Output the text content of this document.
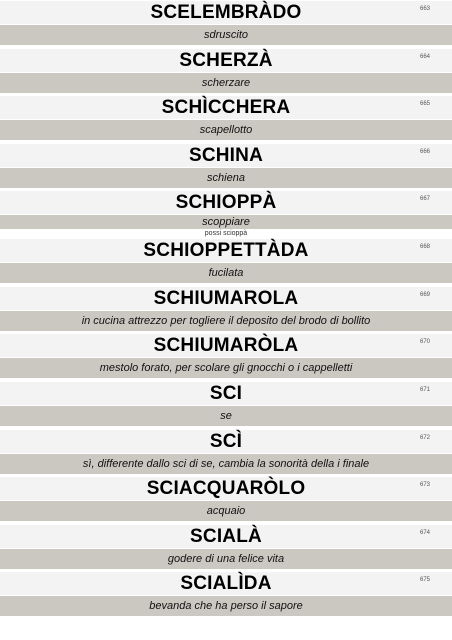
SCELEMBRÀDO	663
sdruscito
SCHERZÀ	664
scherzare
SCHÌCCHERA	665
scapellotto
SCHINA	666
schiena
SCHIOPPÀ	667
scoppiare
possi scioppà
SCHIOPPETTÀDA	668
fucilata
SCHIUMAROLA	669
in cucina attrezzo per togliere il deposito del brodo di bollito
SCHIUMARÒLA	670
mestolo forato, per scolare gli gnocchi o i cappelletti
SCI	671
se
SCÌ	672
sì, differente dallo sci di se, cambia la sonorità della i finale
SCIACQUARÒLO	673
acquaio
SCIALÀ	674
godere di una felice vita
SCIALÌDA	675
bevanda che ha perso il sapore
